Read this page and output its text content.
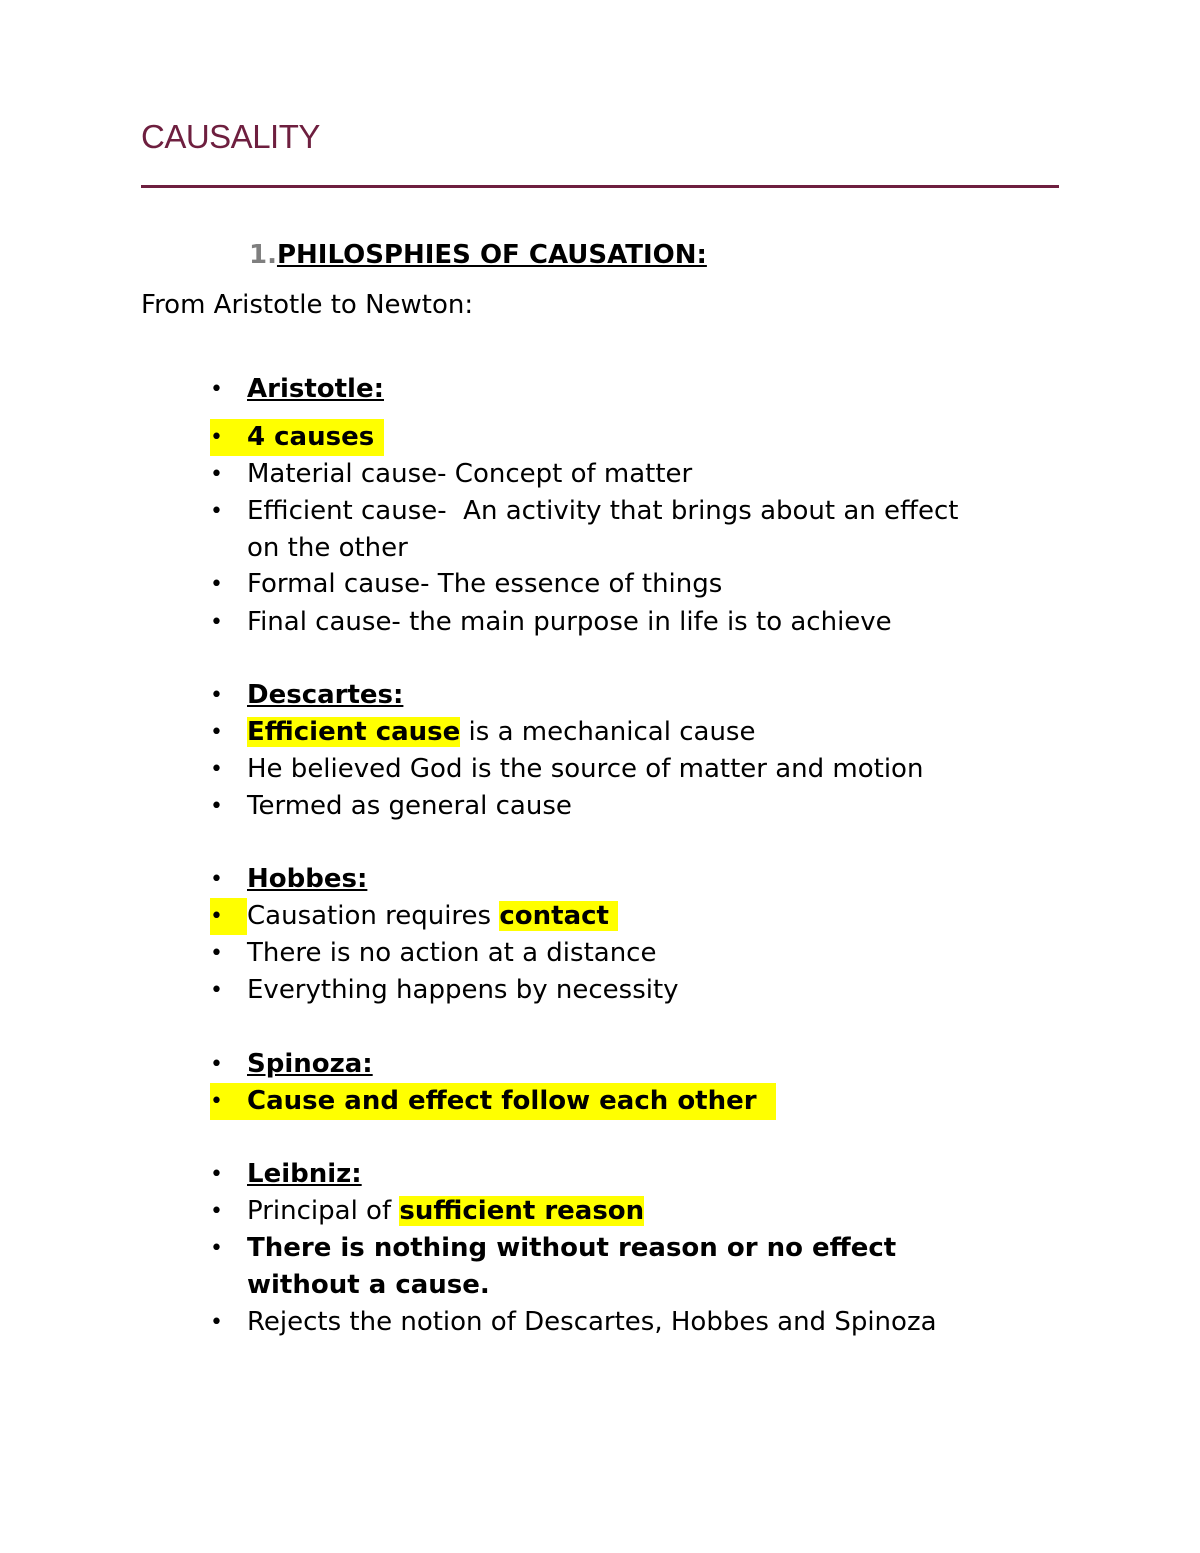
CAUSALITY
1.PHILOSPHIES OF CAUSATION:
From Aristotle to Newton:
• Aristotle:
• 4 causes
• Material cause- Concept of matter
• Efficient cause-  An activity that brings about an effect
on the other
• Formal cause- The essence of things
• Final cause- the main purpose in life is to achieve
• Descartes:
• Efficient cause is a mechanical cause
• He believed God is the source of matter and motion
• Termed as general cause
• Hobbes:
• Causation requires contact
• There is no action at a distance
• Everything happens by necessity
• Spinoza:
• Cause and effect follow each other
• Leibniz:
• Principal of sufficient reason
• There is nothing without reason or no effect
without a cause.
• Rejects the notion of Descartes, Hobbes and Spinoza
